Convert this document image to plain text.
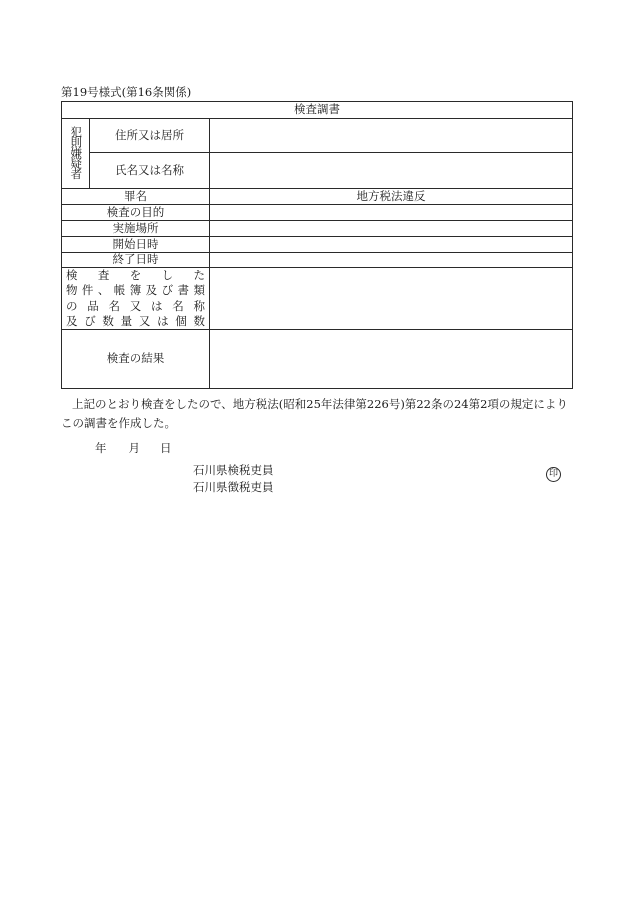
第19号様式(第16条関係)
検査調書		
犯則嫌疑者	住所又は居所	
	氏名又は名称	
罪名		地方税法違反
検査の目的		
実施場所		
開始日時		
終了日時		

検　査　を　し　た
物件、帳簿及び書類
の品名又は名称
及び数量又は個数		

検査の結果		
上記のとおり検査をしたので、地方税法(昭和25年法律第226号)第22条の24第2項の規定によりこの調書を作成した。
年 月 日
石川県検税吏員
石川県徴税吏員
印
